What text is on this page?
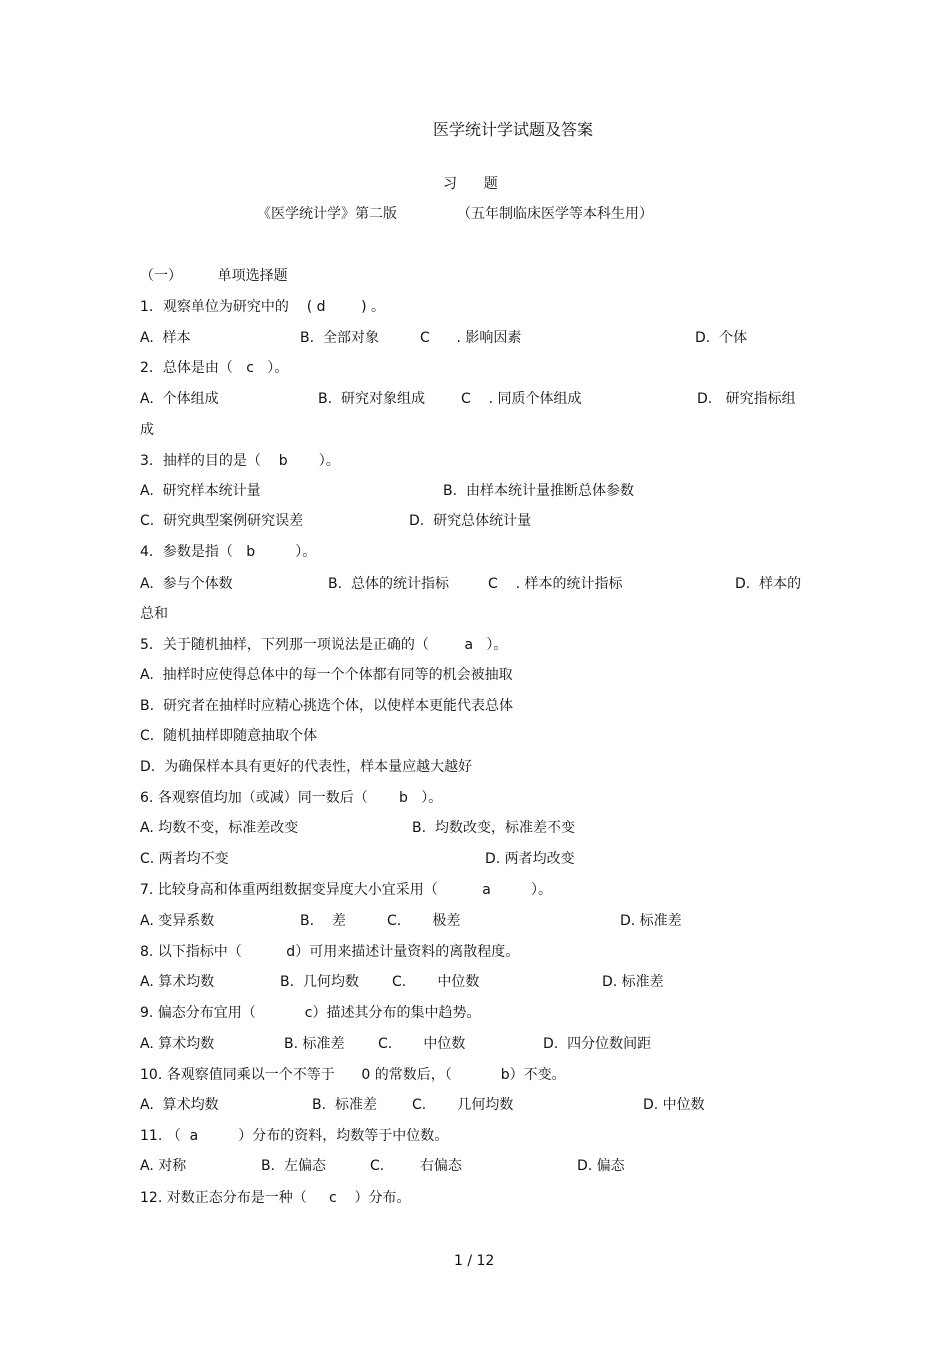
医学统计学试题及答案
习      题
《医学统计学》第二版	（五年制临床医学等本科生用）
（一）        单项选择题
1．观察单位为研究中的    ( d        ) 。
A.  样本	B.  全部对象	C      . 影响因素	D.  个体
2．总体是由（   c   ）。
A.  个体组成	B.  研究对象组成	C    . 同质个体组成	D.   研究指标组
成
3．抽样的目的是（    b       ）。
A.  研究样本统计量	B.  由样本统计量推断总体参数
C.  研究典型案例研究误差	D.  研究总体统计量
4．参数是指（   b         ）。
A.  参与个体数	B.  总体的统计指标	C    . 样本的统计指标	D.  样本的
总和
5．关于随机抽样，下列那一项说法是正确的（        a   ）。
A.  抽样时应使得总体中的每一个个体都有同等的机会被抽取
B.  研究者在抽样时应精心挑选个体，以使样本更能代表总体
C.  随机抽样即随意抽取个体
D.  为确保样本具有更好的代表性，样本量应越大越好
6. 各观察值均加（或减）同一数后（       b   ）。
A. 均数不变，标准差改变	B.  均数改变，标准差不变
C. 两者均不变	D. 两者均改变
7. 比较身高和体重两组数据变异度大小宜采用（          a         ）。
A. 变异系数	B.    差	C.       极差	D. 标准差
8. 以下指标中（          d）可用来描述计量资料的离散程度。
A. 算术均数	B.  几何均数 C.       中位数	D. 标准差
9. 偏态分布宜用（           c）描述其分布的集中趋势。
A. 算术均数	B. 标准差 C.       中位数	D.  四分位数间距
10. 各观察值同乘以一个不等于      0 的常数后，（           b）不变。
A.  算术均数	B.  标准差	C.       几何均数	D. 中位数
11. （  a         ）分布的资料，均数等于中位数。
A. 对称	B.  左偏态	C.        右偏态	D. 偏态
12. 对数正态分布是一种（     c    ）分布。
1 / 12
